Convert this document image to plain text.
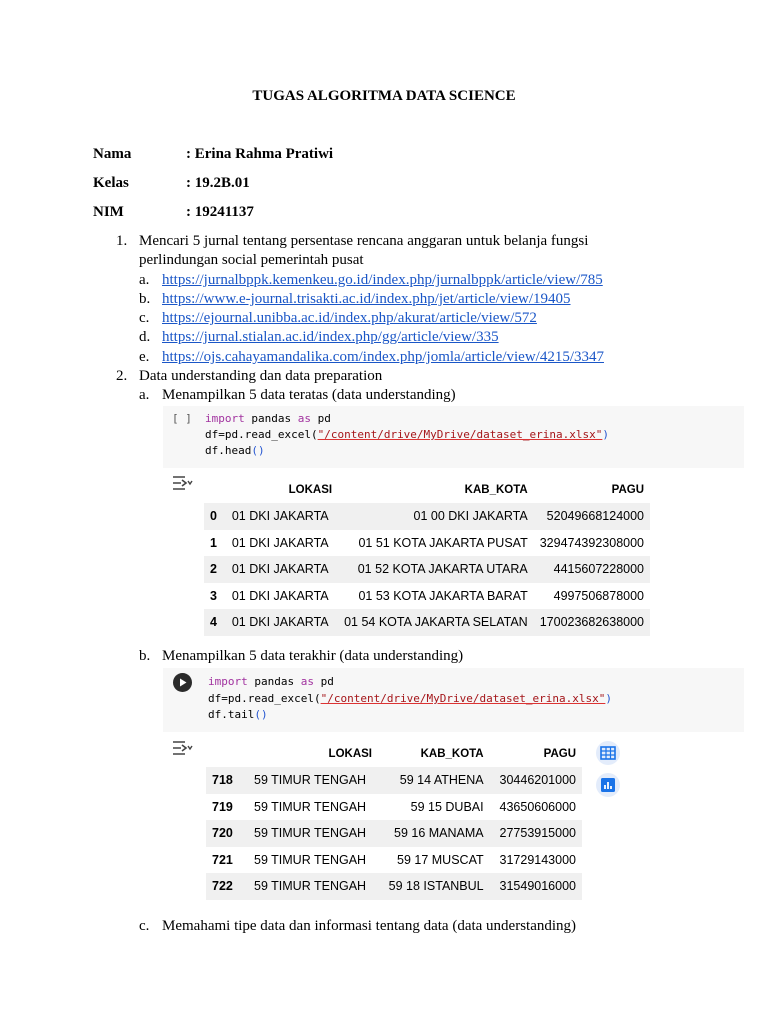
TUGAS ALGORITMA DATA SCIENCE
Nama	: Erina Rahma Pratiwi
Kelas	: 19.2B.01
NIM	: 19241137
1. Mencari 5 jurnal tentang persentase rencana anggaran untuk belanja fungsi
perlindungan social pemerintah pusat
a. https://jurnalbppk.kemenkeu.go.id/index.php/jurnalbppk/article/view/785
b. https://www.e-journal.trisakti.ac.id/index.php/jet/article/view/19405
c. https://ejournal.unibba.ac.id/index.php/akurat/article/view/572
d. https://jurnal.stialan.ac.id/index.php/gg/article/view/335
e. https://ojs.cahayamandalika.com/index.php/jomla/article/view/4215/3347
2. Data understanding dan data preparation
a. Menampilkan 5 data teratas (data understanding)
[ ] import pandas as pd
df=pd.read_excel("/content/drive/MyDrive/dataset_erina.xlsx")
df.head()
	LOKASI	KAB_KOTA	PAGU
0	01 DKI JAKARTA	01 00 DKI JAKARTA	52049668124000
1	01 DKI JAKARTA	01 51 KOTA JAKARTA PUSAT	329474392308000
2	01 DKI JAKARTA	01 52 KOTA JAKARTA UTARA	4415607228000
3	01 DKI JAKARTA	01 53 KOTA JAKARTA BARAT	4997506878000
4	01 DKI JAKARTA	01 54 KOTA JAKARTA SELATAN	170023682638000
b. Menampilkan 5 data terakhir (data understanding)
import pandas as pd
df=pd.read_excel("/content/drive/MyDrive/dataset_erina.xlsx")
df.tail()
	LOKASI	KAB_KOTA	PAGU
718	59 TIMUR TENGAH	59 14 ATHENA	30446201000
719	59 TIMUR TENGAH	59 15 DUBAI	43650606000
720	59 TIMUR TENGAH	59 16 MANAMA	27753915000
721	59 TIMUR TENGAH	59 17 MUSCAT	31729143000
722	59 TIMUR TENGAH	59 18 ISTANBUL	31549016000
c. Memahami tipe data dan informasi tentang data (data understanding)
